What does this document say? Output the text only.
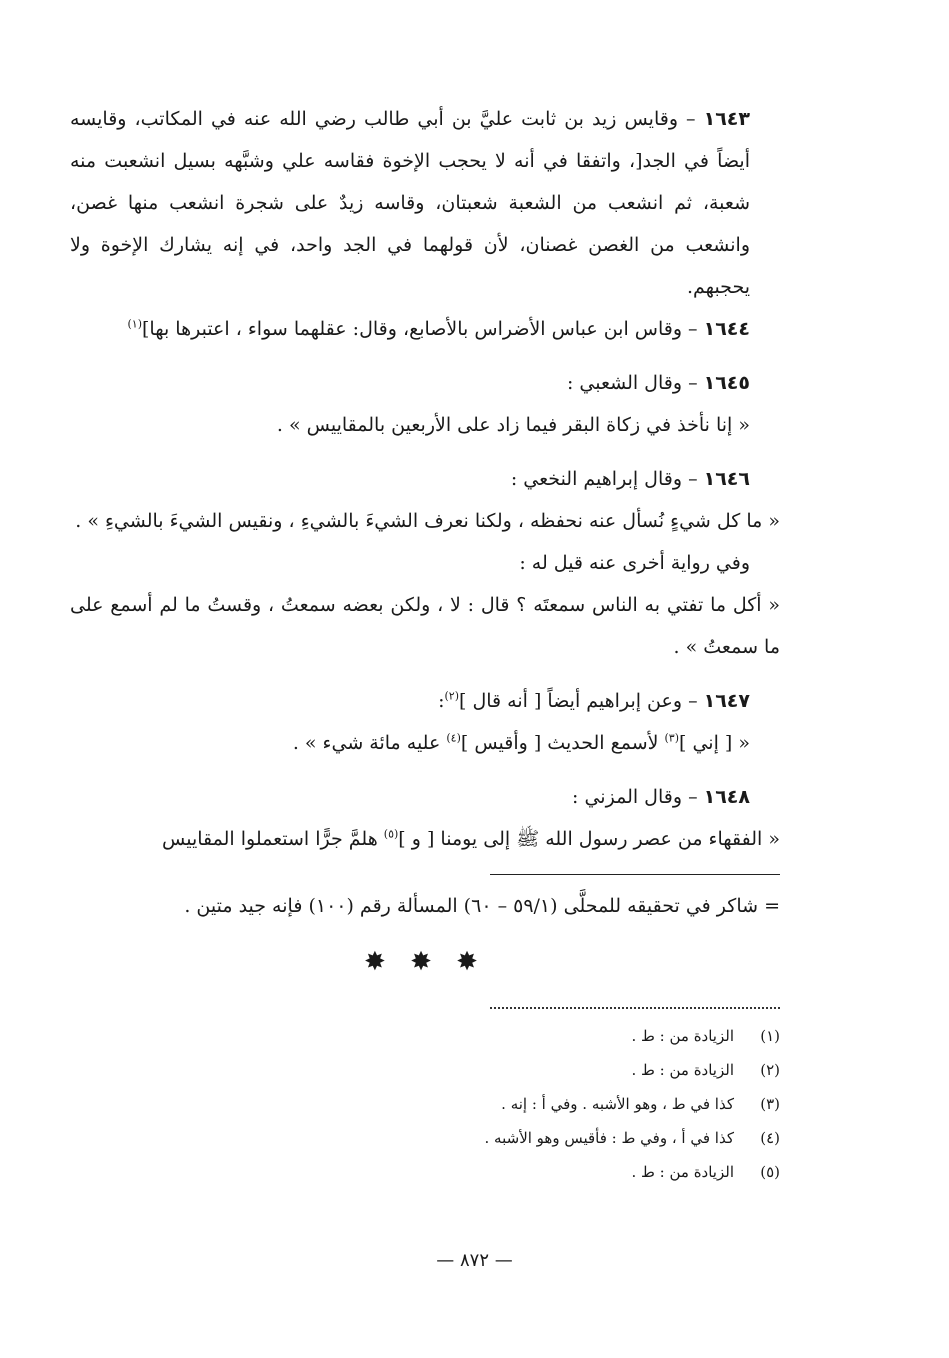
١٦٤٣ – وقايس زيد بن ثابت عليَّ بن أبي طالب رضي الله عنه في المكاتب، وقايسه أيضاً في الجد[، واتفقا في أنه لا يحجب الإخوة فقاسه علي وشبَّهه بسيل انشعبت منه شعبة، ثم انشعب من الشعبة شعبتان، وقاسه زيدٌ على شجرة انشعب منها غصن، وانشعب من الغصن غصنان، لأن قولهما في الجد واحد، في إنه يشارك الإخوة ولا يحجبهم.

١٦٤٤ – وقاس ابن عباس الأضراس بالأصابع، وقال: عقلهما سواء ، اعتبرها بها]$^{(١)}$

١٦٤٥ – وقال الشعبي :

« إنا نأخذ في زكاة البقر فيما زاد على الأربعين بالمقاييس » .

١٦٤٦ – وقال إبراهيم النخعي :

« ما كل شيءٍ نُسأل عنه نحفظه ، ولكنا نعرف الشيءَ بالشيءِ ، ونقيس الشيءَ بالشيءِ » .

وفي رواية أخرى عنه قيل له :

« أكل ما تفتي به الناس سمعتَه ؟ قال : لا ، ولكن بعضه سمعتُ ، وقستُ ما لم أسمع على ما سمعتُ » .

١٦٤٧ – وعن إبراهيم أيضاً [ أنه قال ]$^{(٢)}$:

« [ إني ]$^{(٣)}$ لأسمع الحديث [ وأقيس ]$^{(٤)}$ عليه مائة شيء » .

١٦٤٨ – وقال المزني :

« الفقهاء من عصر رسول الله ﷺ إلى يومنا [ و ]$^{(٥)}$ هلمَّ جرًّا استعملوا المقاييس

= شاكر في تحقيقه للمحلَّى (٥٩/١ – ٦٠) المسألة رقم (١٠٠) فإنه جيد متين .

✸ ✸ ✸
(١)
الزيادة من : ط .
(٢)
الزيادة من : ط .
(٣)
كذا في ط ، وهو الأشبه . وفي أ : إنه .
(٤)
كذا في أ ، وفي ط : فأقيس وهو الأشبه .
(٥)
الزيادة من : ط .
— ٨٧٢ —
